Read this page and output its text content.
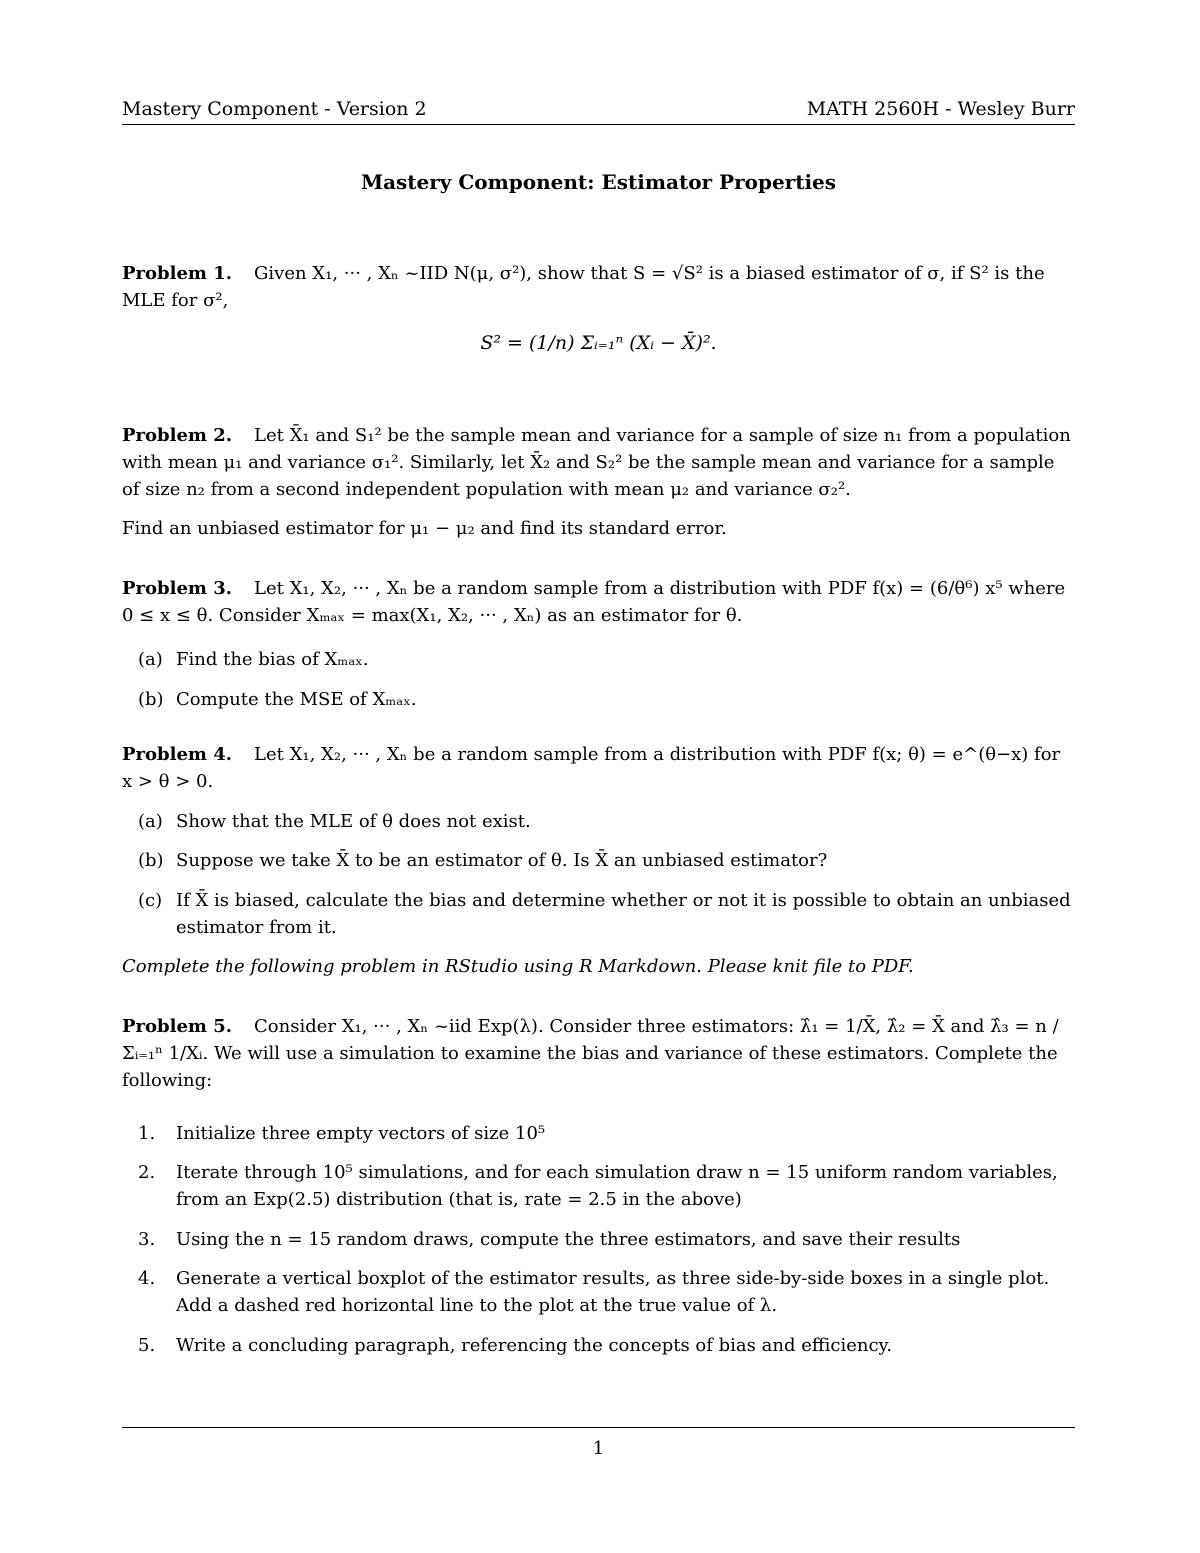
Mastery Component - Version 2	MATH 2560H - Wesley Burr
Mastery Component: Estimator Properties
Problem 1. Given X₁, ··· , Xₙ ~IID N(μ, σ²), show that S = √S² is a biased estimator of σ, if S² is the MLE for σ²,
S² = (1/n) Σᵢ₌₁ⁿ (Xᵢ − X̄)².
Problem 2. Let X̄₁ and S₁² be the sample mean and variance for a sample of size n₁ from a population with mean μ₁ and variance σ₁². Similarly, let X̄₂ and S₂² be the sample mean and variance for a sample of size n₂ from a second independent population with mean μ₂ and variance σ₂².
Find an unbiased estimator for μ₁ − μ₂ and find its standard error.
Problem 3. Let X₁, X₂, ··· , Xₙ be a random sample from a distribution with PDF f(x) = (6/θ⁶) x⁵ where 0 ≤ x ≤ θ. Consider Xₘₐₓ = max(X₁, X₂, ··· , Xₙ) as an estimator for θ.
(a) Find the bias of Xₘₐₓ.
(b) Compute the MSE of Xₘₐₓ.
Problem 4. Let X₁, X₂, ··· , Xₙ be a random sample from a distribution with PDF f(x; θ) = e^(θ−x) for x > θ > 0.
(a) Show that the MLE of θ does not exist.
(b) Suppose we take X̄ to be an estimator of θ. Is X̄ an unbiased estimator?
(c) If X̄ is biased, calculate the bias and determine whether or not it is possible to obtain an unbiased estimator from it.
Complete the following problem in RStudio using R Markdown. Please knit file to PDF.
Problem 5. Consider X₁, ··· , Xₙ ~iid Exp(λ). Consider three estimators: λ̂₁ = 1/X̄, λ̂₂ = X̄ and λ̂₃ = n / Σᵢ₌₁ⁿ 1/Xᵢ. We will use a simulation to examine the bias and variance of these estimators. Complete the following:
1. Initialize three empty vectors of size 10⁵
2. Iterate through 10⁵ simulations, and for each simulation draw n = 15 uniform random variables, from an Exp(2.5) distribution (that is, rate = 2.5 in the above)
3. Using the n = 15 random draws, compute the three estimators, and save their results
4. Generate a vertical boxplot of the estimator results, as three side-by-side boxes in a single plot. Add a dashed red horizontal line to the plot at the true value of λ.
5. Write a concluding paragraph, referencing the concepts of bias and efficiency.
1
